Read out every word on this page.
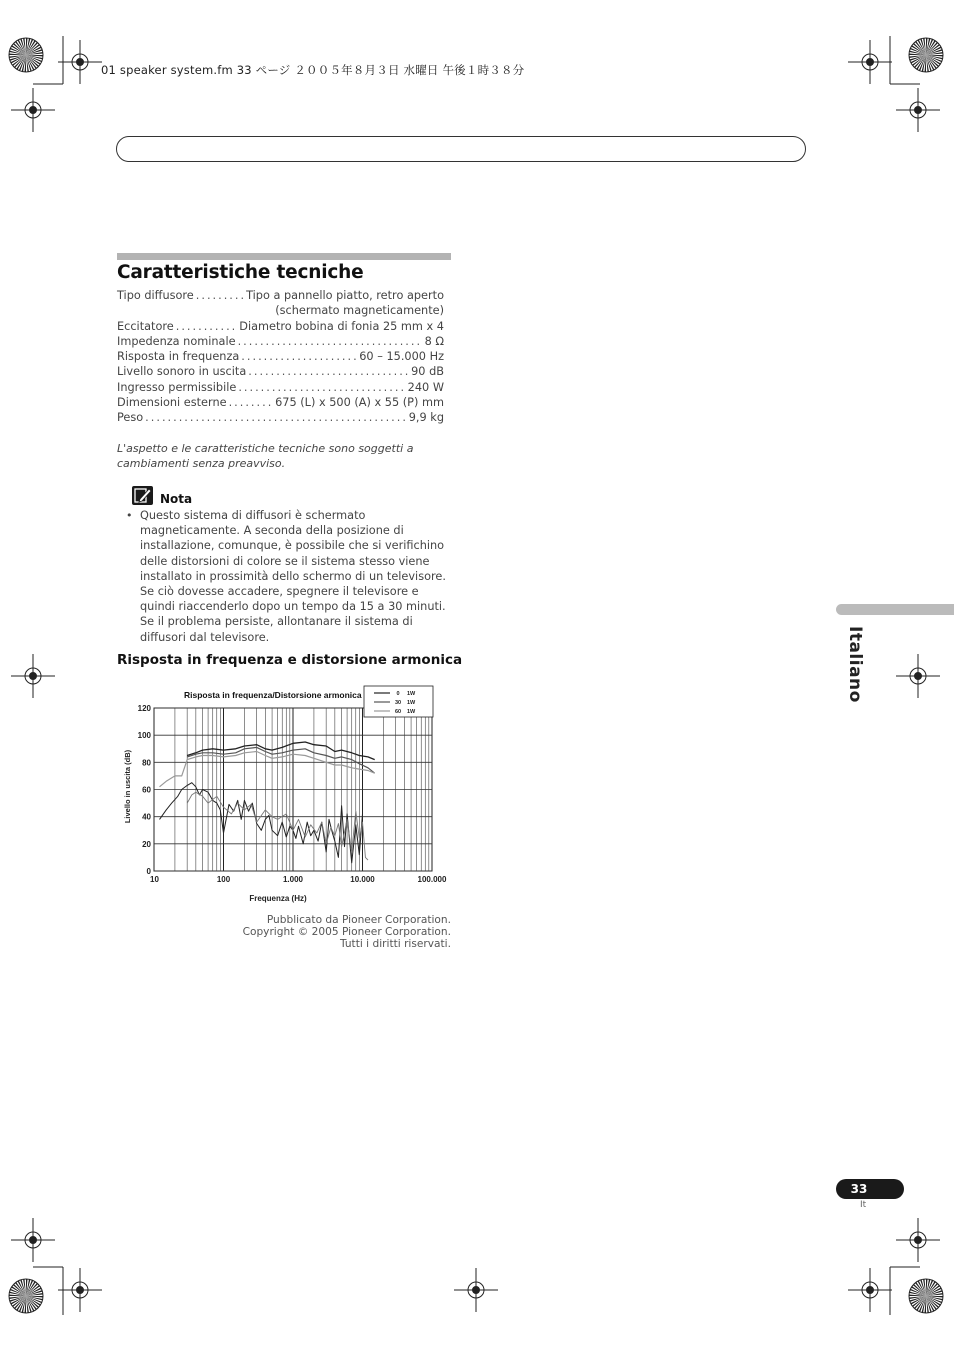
01 speaker system.fm 33 ページ ２００５年８月３日 水曜日 午後１時３８分
Caratteristiche tecniche
Tipo diffusore .....	Tipo a pannello piatto, retro aperto
(schermato magneticamente)
Eccitatore .....	Diametro bobina di fonia 25 mm x 4
Impedenza nominale .....	8 Ω
Risposta in frequenza .....	60 – 15.000 Hz
Livello sonoro in uscita .....	90 dB
Ingresso permissibile .....	240 W
Dimensioni esterne .....	675 (L) x 500 (A) x 55 (P) mm
Peso .....	9,9 kg
L'aspetto e le caratteristiche tecniche sono soggetti a cambiamenti senza preavviso.
Nota
• Questo sistema di diffusori è schermato magneticamente. A seconda della posizione di installazione, comunque, è possibile che si verifichino delle distorsioni di colore se il sistema stesso viene installato in prossimità dello schermo di un televisore. Se ciò dovesse accadere, spegnere il televisore e quindi riaccenderlo dopo un tempo da 15 a 30 minuti. Se il problema persiste, allontanare il sistema di diffusori dal televisore.
Risposta in frequenza e distorsione armonica
0
20
40
60
80
100
120
10	100	1.000	10.000	100.000
Frequenza (Hz)
Livello in uscita (dB)
Risposta in frequenza/Distorsione armonica	0 1W
30 1W
60 1W
Pubblicato da Pioneer Corporation.
Copyright © 2005 Pioneer Corporation.
Tutti i diritti riservati.
Italiano
33
It
